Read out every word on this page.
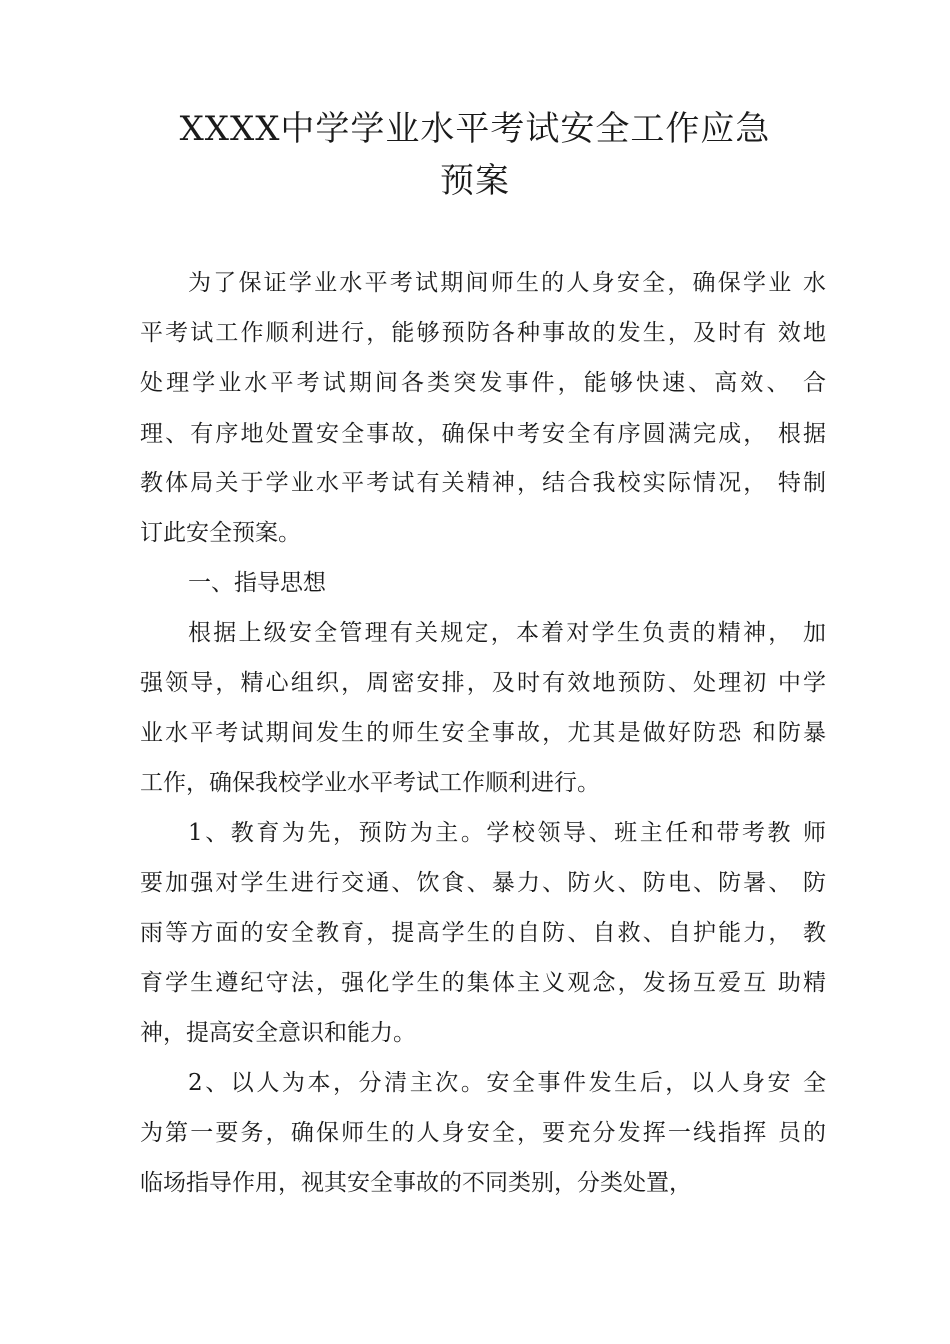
XXXX中学学业水平考试安全工作应急
预案
为了保证学业水平考试期间师生的人身安全，确保学业 水
平考试工作顺利进行，能够预防各种事故的发生，及时有 效地
处理学业水平考试期间各类突发事件，能够快速、高效、 合
理、有序地处置安全事故，确保中考安全有序圆满完成， 根据
教体局关于学业水平考试有关精神，结合我校实际情况， 特制
订此安全预案。
一、指导思想
根据上级安全管理有关规定，本着对学生负责的精神， 加
强领导，精心组织，周密安排，及时有效地预防、处理初 中学
业水平考试期间发生的师生安全事故，尤其是做好防恐 和防暴
工作，确保我校学业水平考试工作顺利进行。
1、教育为先，预防为主。学校领导、班主任和带考教 师
要加强对学生进行交通、饮食、暴力、防火、防电、防暑、 防
雨等方面的安全教育，提高学生的自防、自救、自护能力， 教
育学生遵纪守法，强化学生的集体主义观念，发扬互爱互 助精
神，提高安全意识和能力。
2、以人为本，分清主次。安全事件发生后，以人身安 全
为第一要务，确保师生的人身安全，要充分发挥一线指挥 员的
临场指导作用，视其安全事故的不同类别，分类处置，
